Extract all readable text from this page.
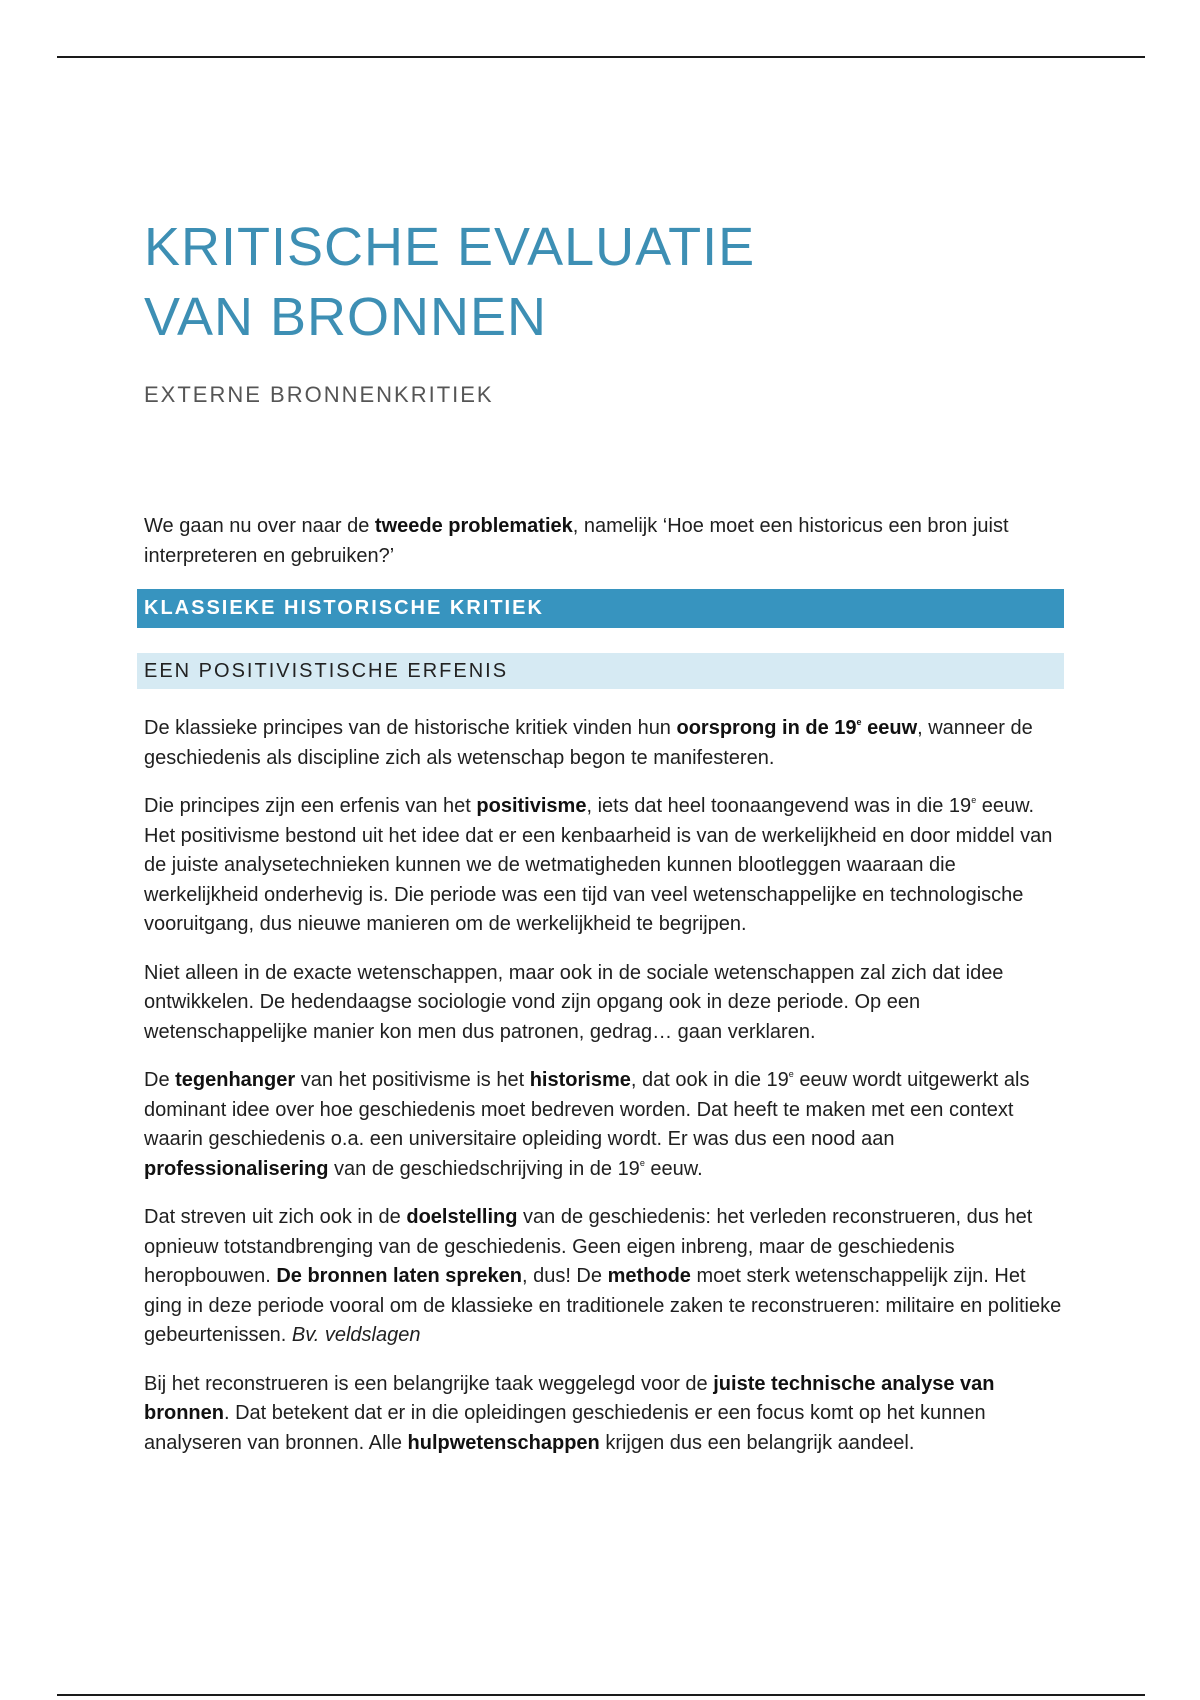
KRITISCHE EVALUATIE VAN BRONNEN
EXTERNE BRONNENKRITIEK

We gaan nu over naar de tweede problematiek, namelijk ‘Hoe moet een historicus een bron juist interpreteren en gebruiken?’

KLASSIEKE HISTORISCHE KRITIEK
EEN POSITIVISTISCHE ERFENIS

De klassieke principes van de historische kritiek vinden hun oorsprong in de 19e eeuw, wanneer de geschiedenis als discipline zich als wetenschap begon te manifesteren.

Die principes zijn een erfenis van het positivisme, iets dat heel toonaangevend was in die 19e eeuw. Het positivisme bestond uit het idee dat er een kenbaarheid is van de werkelijkheid en door middel van de juiste analysetechnieken kunnen we de wetmatigheden kunnen blootleggen waaraan die werkelijkheid onderhevig is. Die periode was een tijd van veel wetenschappelijke en technologische vooruitgang, dus nieuwe manieren om de werkelijkheid te begrijpen.

Niet alleen in de exacte wetenschappen, maar ook in de sociale wetenschappen zal zich dat idee ontwikkelen. De hedendaagse sociologie vond zijn opgang ook in deze periode. Op een wetenschappelijke manier kon men dus patronen, gedrag… gaan verklaren.

De tegenhanger van het positivisme is het historisme, dat ook in die 19e eeuw wordt uitgewerkt als dominant idee over hoe geschiedenis moet bedreven worden. Dat heeft te maken met een context waarin geschiedenis o.a. een universitaire opleiding wordt. Er was dus een nood aan professionalisering van de geschiedschrijving in de 19e eeuw.

Dat streven uit zich ook in de doelstelling van de geschiedenis: het verleden reconstrueren, dus het opnieuw totstandbrenging van de geschiedenis. Geen eigen inbreng, maar de geschiedenis heropbouwen. De bronnen laten spreken, dus! De methode moet sterk wetenschappelijk zijn. Het ging in deze periode vooral om de klassieke en traditionele zaken te reconstrueren: militaire en politieke gebeurtenissen. Bv. veldslagen

Bij het reconstrueren is een belangrijke taak weggelegd voor de juiste technische analyse van bronnen. Dat betekent dat er in die opleidingen geschiedenis er een focus komt op het kunnen analyseren van bronnen. Alle hulpwetenschappen krijgen dus een belangrijk aandeel.
